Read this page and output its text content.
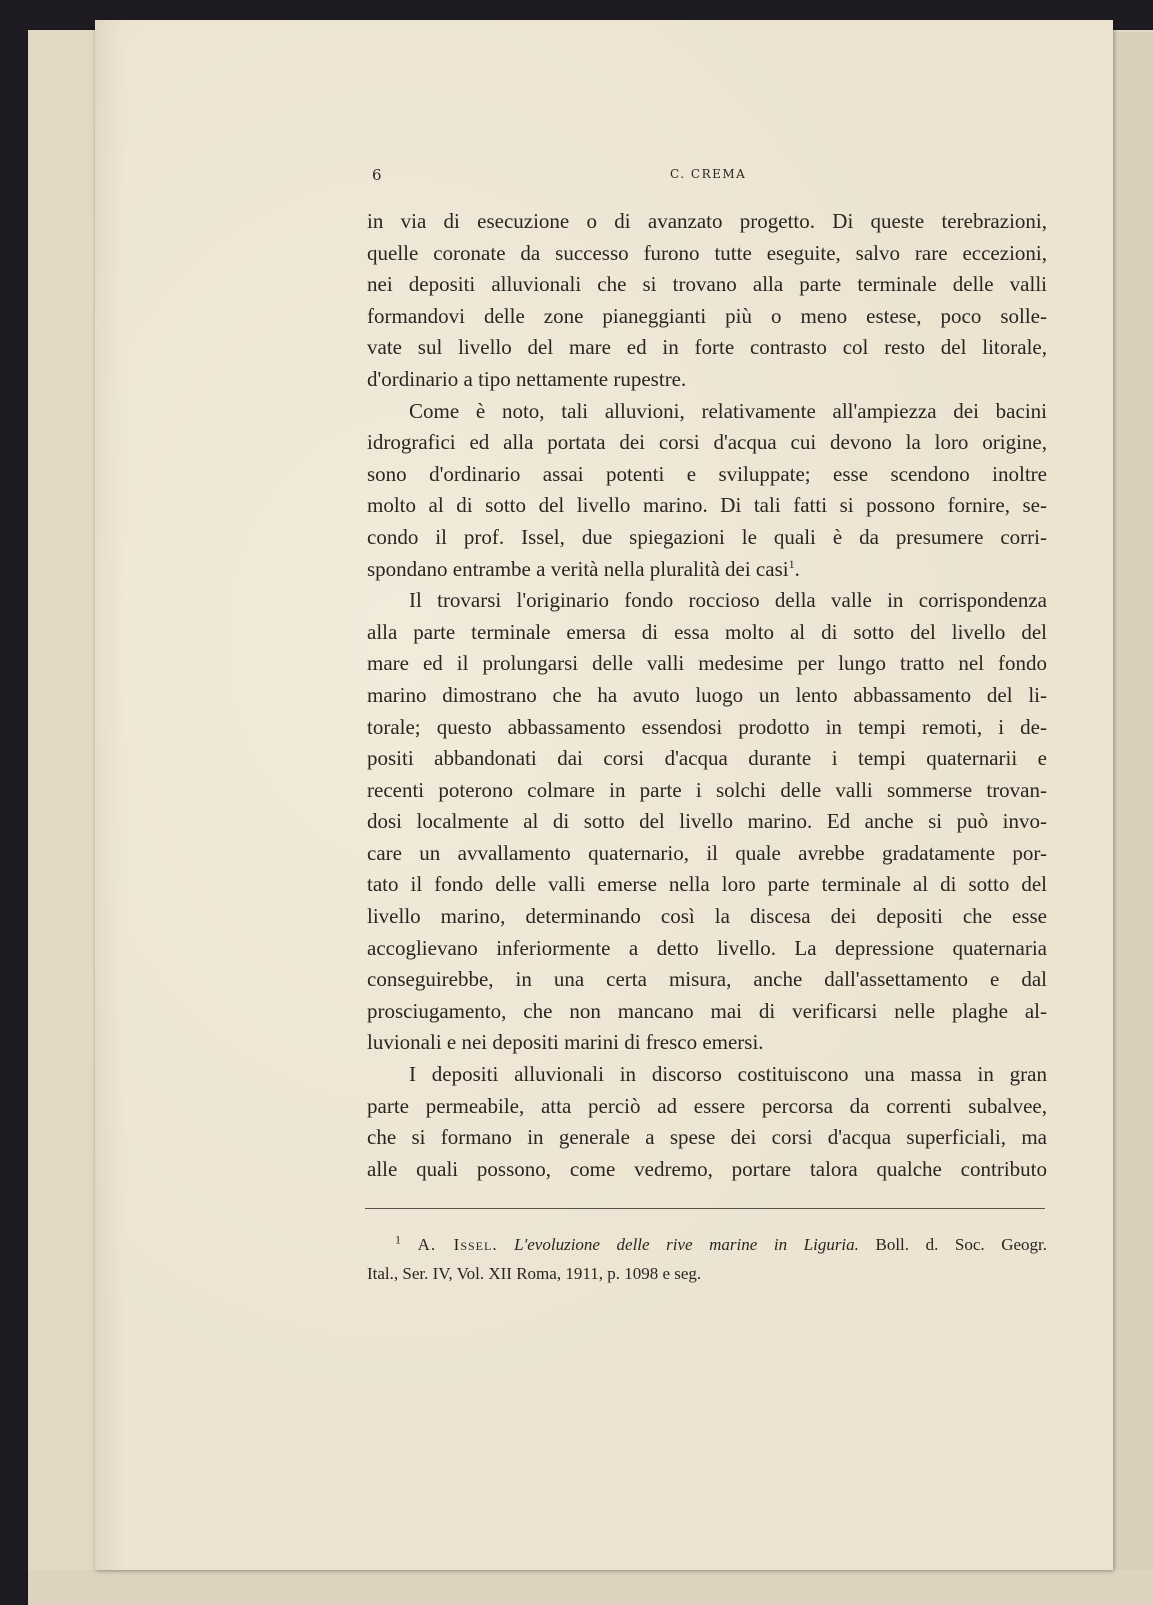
6	C. CREMA

in via di esecuzione o di avanzato progetto. Di queste terebrazioni,
quelle coronate da successo furono tutte eseguite, salvo rare eccezioni,
nei depositi alluvionali che si trovano alla parte terminale delle valli
formandovi delle zone pianeggianti più o meno estese, poco solle-
vate sul livello del mare ed in forte contrasto col resto del litorale,
d'ordinario a tipo nettamente rupestre.

Come è noto, tali alluvioni, relativamente all'ampiezza dei bacini
idrografici ed alla portata dei corsi d'acqua cui devono la loro origine,
sono d'ordinario assai potenti e sviluppate; esse scendono inoltre
molto al di sotto del livello marino. Di tali fatti si possono fornire, se-
condo il prof. Issel, due spiegazioni le quali è da presumere corri-
spondano entrambe a verità nella pluralità dei casi$^1$.

Il trovarsi l'originario fondo roccioso della valle in corrispondenza
alla parte terminale emersa di essa molto al di sotto del livello del
mare ed il prolungarsi delle valli medesime per lungo tratto nel fondo
marino dimostrano che ha avuto luogo un lento abbassamento del li-
torale; questo abbassamento essendosi prodotto in tempi remoti, i de-
positi abbandonati dai corsi d'acqua durante i tempi quaternarii e
recenti poterono colmare in parte i solchi delle valli sommerse trovan-
dosi localmente al di sotto del livello marino. Ed anche si può invo-
care un avvallamento quaternario, il quale avrebbe gradatamente por-
tato il fondo delle valli emerse nella loro parte terminale al di sotto del
livello marino, determinando così la discesa dei depositi che esse
accoglievano inferiormente a detto livello. La depressione quaternaria
conseguirebbe, in una certa misura, anche dall'assettamento e dal
prosciugamento, che non mancano mai di verificarsi nelle plaghe al-
luvionali e nei depositi marini di fresco emersi.

I depositi alluvionali in discorso costituiscono una massa in gran
parte permeabile, atta perciò ad essere percorsa da correnti subalvee,
che si formano in generale a spese dei corsi d'acqua superficiali, ma
alle quali possono, come vedremo, portare talora qualche contributo

$^1$ A. Issel. L'evoluzione delle rive marine in Liguria. Boll. d. Soc. Geogr.
Ital., Ser. IV, Vol. XII Roma, 1911, p. 1098 e seg.
